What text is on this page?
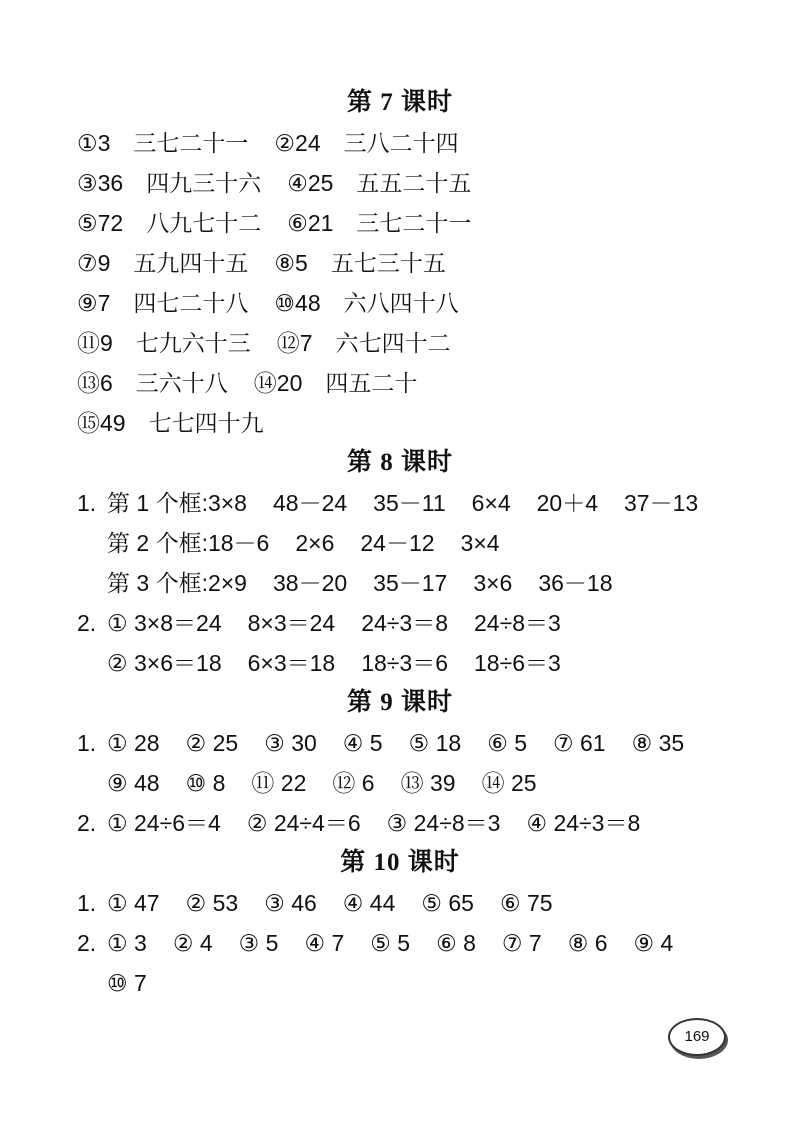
第 7 课时
①3　三七二十一 ②24　三八二十四
③36　四九三十六 ④25　五五二十五
⑤72　八九七十二 ⑥21　三七二十一
⑦9　五九四十五 ⑧5　五七三十五
⑨7　四七二十八 ⑩48　六八四十八
⑪9　七九六十三 ⑫7　六七四十二
⑬6　三六十八 ⑭20　四五二十
⑮49　七七四十九
第 8 课时
1. 第 1 个框:3×8 48－24 35－11 6×4 20＋4 37－13
第 2 个框:18－6 2×6 24－12 3×4
第 3 个框:2×9 38－20 35－17 3×6 36－18
2. ① 3×8＝24 8×3＝24 24÷3＝8 24÷8＝3
② 3×6＝18 6×3＝18 18÷3＝6 18÷6＝3
第 9 课时
1. ① 28 ② 25 ③ 30 ④ 5 ⑤ 18 ⑥ 5 ⑦ 61 ⑧ 35
⑨ 48 ⑩ 8 ⑪ 22 ⑫ 6 ⑬ 39 ⑭ 25
2. ① 24÷6＝4 ② 24÷4＝6 ③ 24÷8＝3 ④ 24÷3＝8
第 10 课时
1. ① 47 ② 53 ③ 46 ④ 44 ⑤ 65 ⑥ 75
2. ① 3 ② 4 ③ 5 ④ 7 ⑤ 5 ⑥ 8 ⑦ 7 ⑧ 6 ⑨ 4
⑩ 7
169
